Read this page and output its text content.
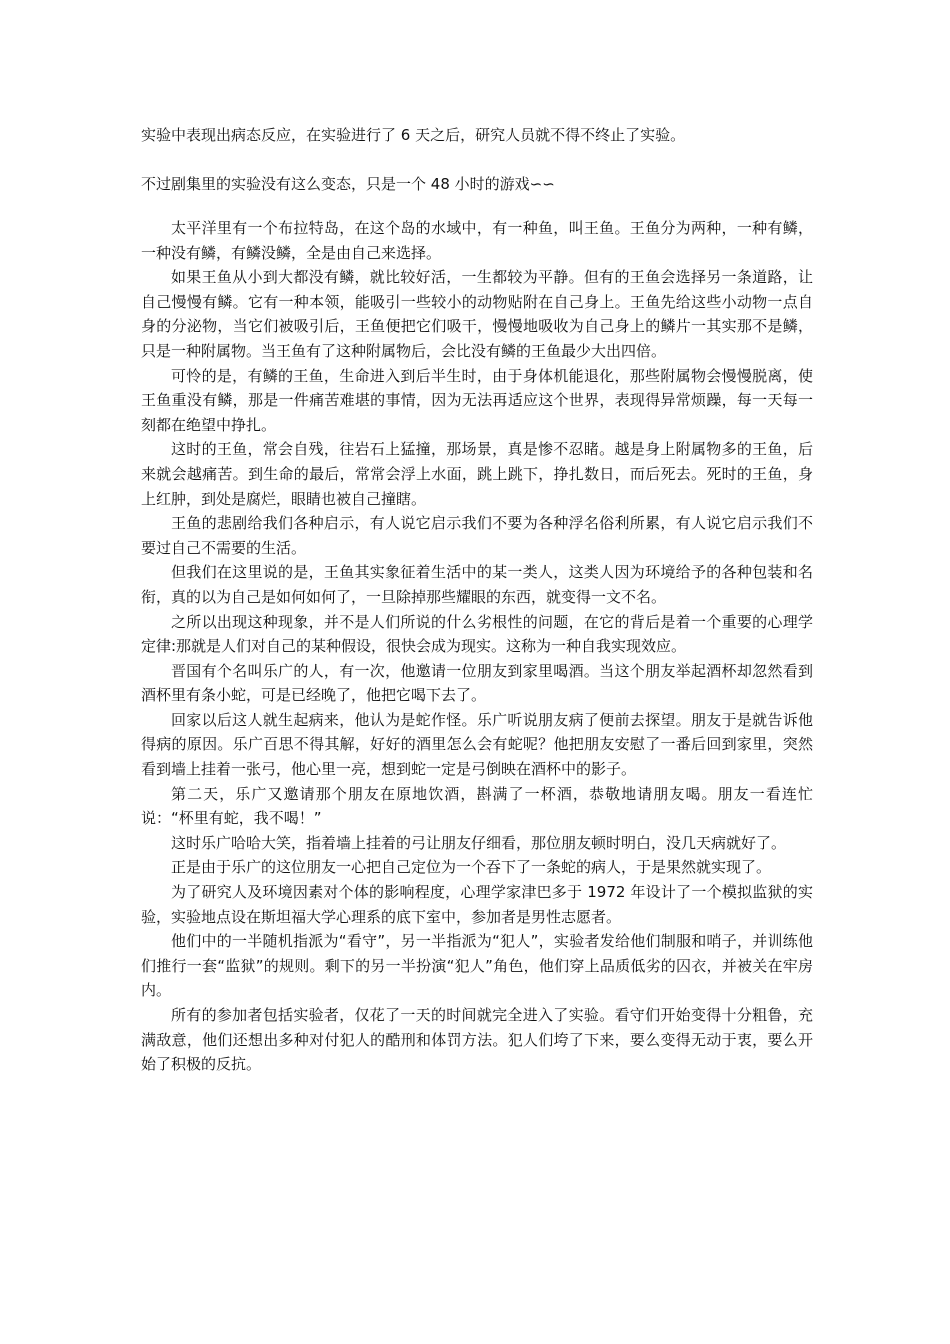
实验中表现出病态反应，在实验进行了 6 天之后，研究人员就不得不终止了实验。

不过剧集里的实验没有这么变态，只是一个 48 小时的游戏∽∽

太平洋里有一个布拉特岛，在这个岛的水域中，有一种鱼，叫王鱼。王鱼分为两种，一种有鳞，一种没有鳞，有鳞没鳞，全是由自己来选择。

如果王鱼从小到大都没有鳞，就比较好活，一生都较为平静。但有的王鱼会选择另一条道路，让自己慢慢有鳞。它有一种本领，能吸引一些较小的动物贴附在自己身上。王鱼先给这些小动物一点自身的分泌物，当它们被吸引后，王鱼便把它们吸干，慢慢地吸收为自己身上的鳞片一其实那不是鳞，只是一种附属物。当王鱼有了这种附属物后，会比没有鳞的王鱼最少大出四倍。

可怜的是，有鳞的王鱼，生命进入到后半生时，由于身体机能退化，那些附属物会慢慢脱离，使王鱼重没有鳞，那是一件痛苦难堪的事情，因为无法再适应这个世界，表现得异常烦躁，每一天每一刻都在绝望中挣扎。

这时的王鱼，常会自残，往岩石上猛撞，那场景，真是惨不忍睹。越是身上附属物多的王鱼，后来就会越痛苦。到生命的最后，常常会浮上水面，跳上跳下，挣扎数日，而后死去。死时的王鱼，身上红肿，到处是腐烂，眼睛也被自己撞瞎。

王鱼的悲剧给我们各种启示，有人说它启示我们不要为各种浮名俗利所累，有人说它启示我们不要过自己不需要的生活。

但我们在这里说的是，王鱼其实象征着生活中的某一类人，这类人因为环境给予的各种包装和名衔，真的以为自己是如何如何了，一旦除掉那些耀眼的东西，就变得一文不名。

之所以出现这种现象，并不是人们所说的什么劣根性的问题，在它的背后是着一个重要的心理学定律:那就是人们对自己的某种假设，很快会成为现实。这称为一种自我实现效应。

晋国有个名叫乐广的人，有一次，他邀请一位朋友到家里喝酒。当这个朋友举起酒杯却忽然看到酒杯里有条小蛇，可是已经晚了，他把它喝下去了。

回家以后这人就生起病来，他认为是蛇作怪。乐广听说朋友病了便前去探望。朋友于是就告诉他得病的原因。乐广百思不得其解，好好的酒里怎么会有蛇呢？他把朋友安慰了一番后回到家里，突然看到墙上挂着一张弓，他心里一亮，想到蛇一定是弓倒映在酒杯中的影子。

第二天，乐广又邀请那个朋友在原地饮酒，斟满了一杯酒，恭敬地请朋友喝。朋友一看连忙说：“杯里有蛇，我不喝！”

这时乐广哈哈大笑，指着墙上挂着的弓让朋友仔细看，那位朋友顿时明白，没几天病就好了。

正是由于乐广的这位朋友一心把自己定位为一个吞下了一条蛇的病人，于是果然就实现了。

为了研究人及环境因素对个体的影响程度，心理学家津巴多于 1972 年设计了一个模拟监狱的实验，实验地点设在斯坦福大学心理系的底下室中，参加者是男性志愿者。

他们中的一半随机指派为“看守”，另一半指派为“犯人”，实验者发给他们制服和哨子，并训练他们推行一套“监狱”的规则。剩下的另一半扮演“犯人”角色，他们穿上品质低劣的囚衣，并被关在牢房内。

所有的参加者包括实验者，仅花了一天的时间就完全进入了实验。看守们开始变得十分粗鲁，充满敌意，他们还想出多种对付犯人的酷刑和体罚方法。犯人们垮了下来，要么变得无动于衷，要么开始了积极的反抗。
